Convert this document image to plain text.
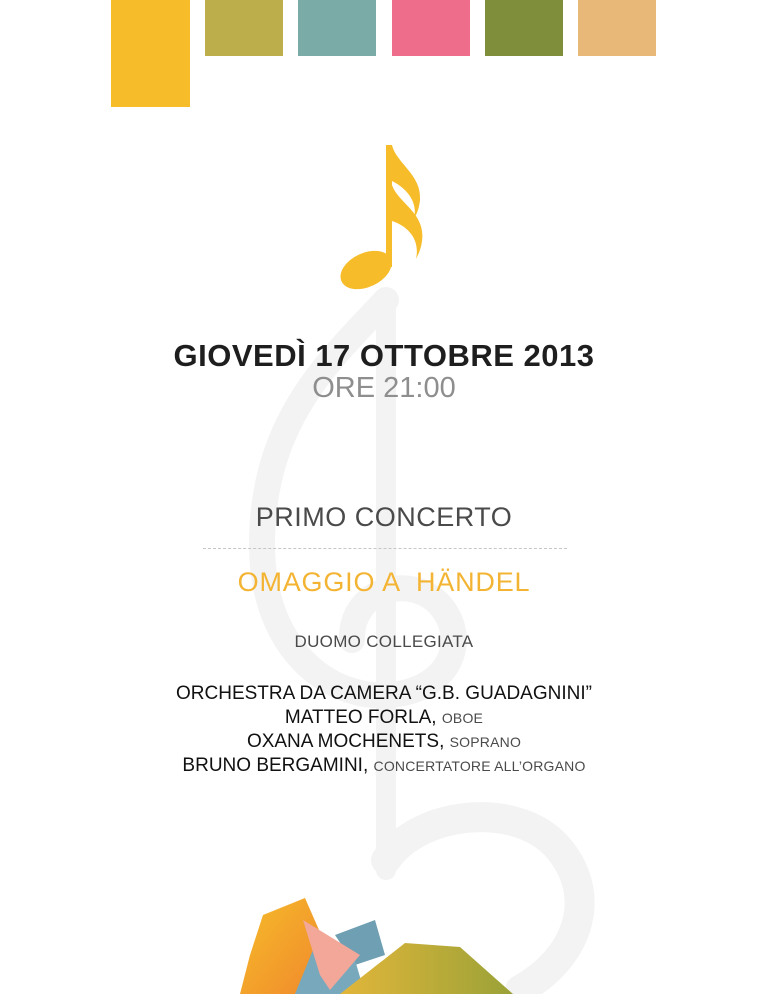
GIOVEDÌ 17 OTTOBRE 2013
ORE 21:00
PRIMO CONCERTO
OMAGGIO A  HÄNDEL
DUOMO COLLEGIATA
ORCHESTRA DA CAMERA “G.B. GUADAGNINI”
MATTEO FORLA, OBOE
OXANA MOCHENETS, SOPRANO
BRUNO BERGAMINI, CONCERTATORE ALL’ORGANO
